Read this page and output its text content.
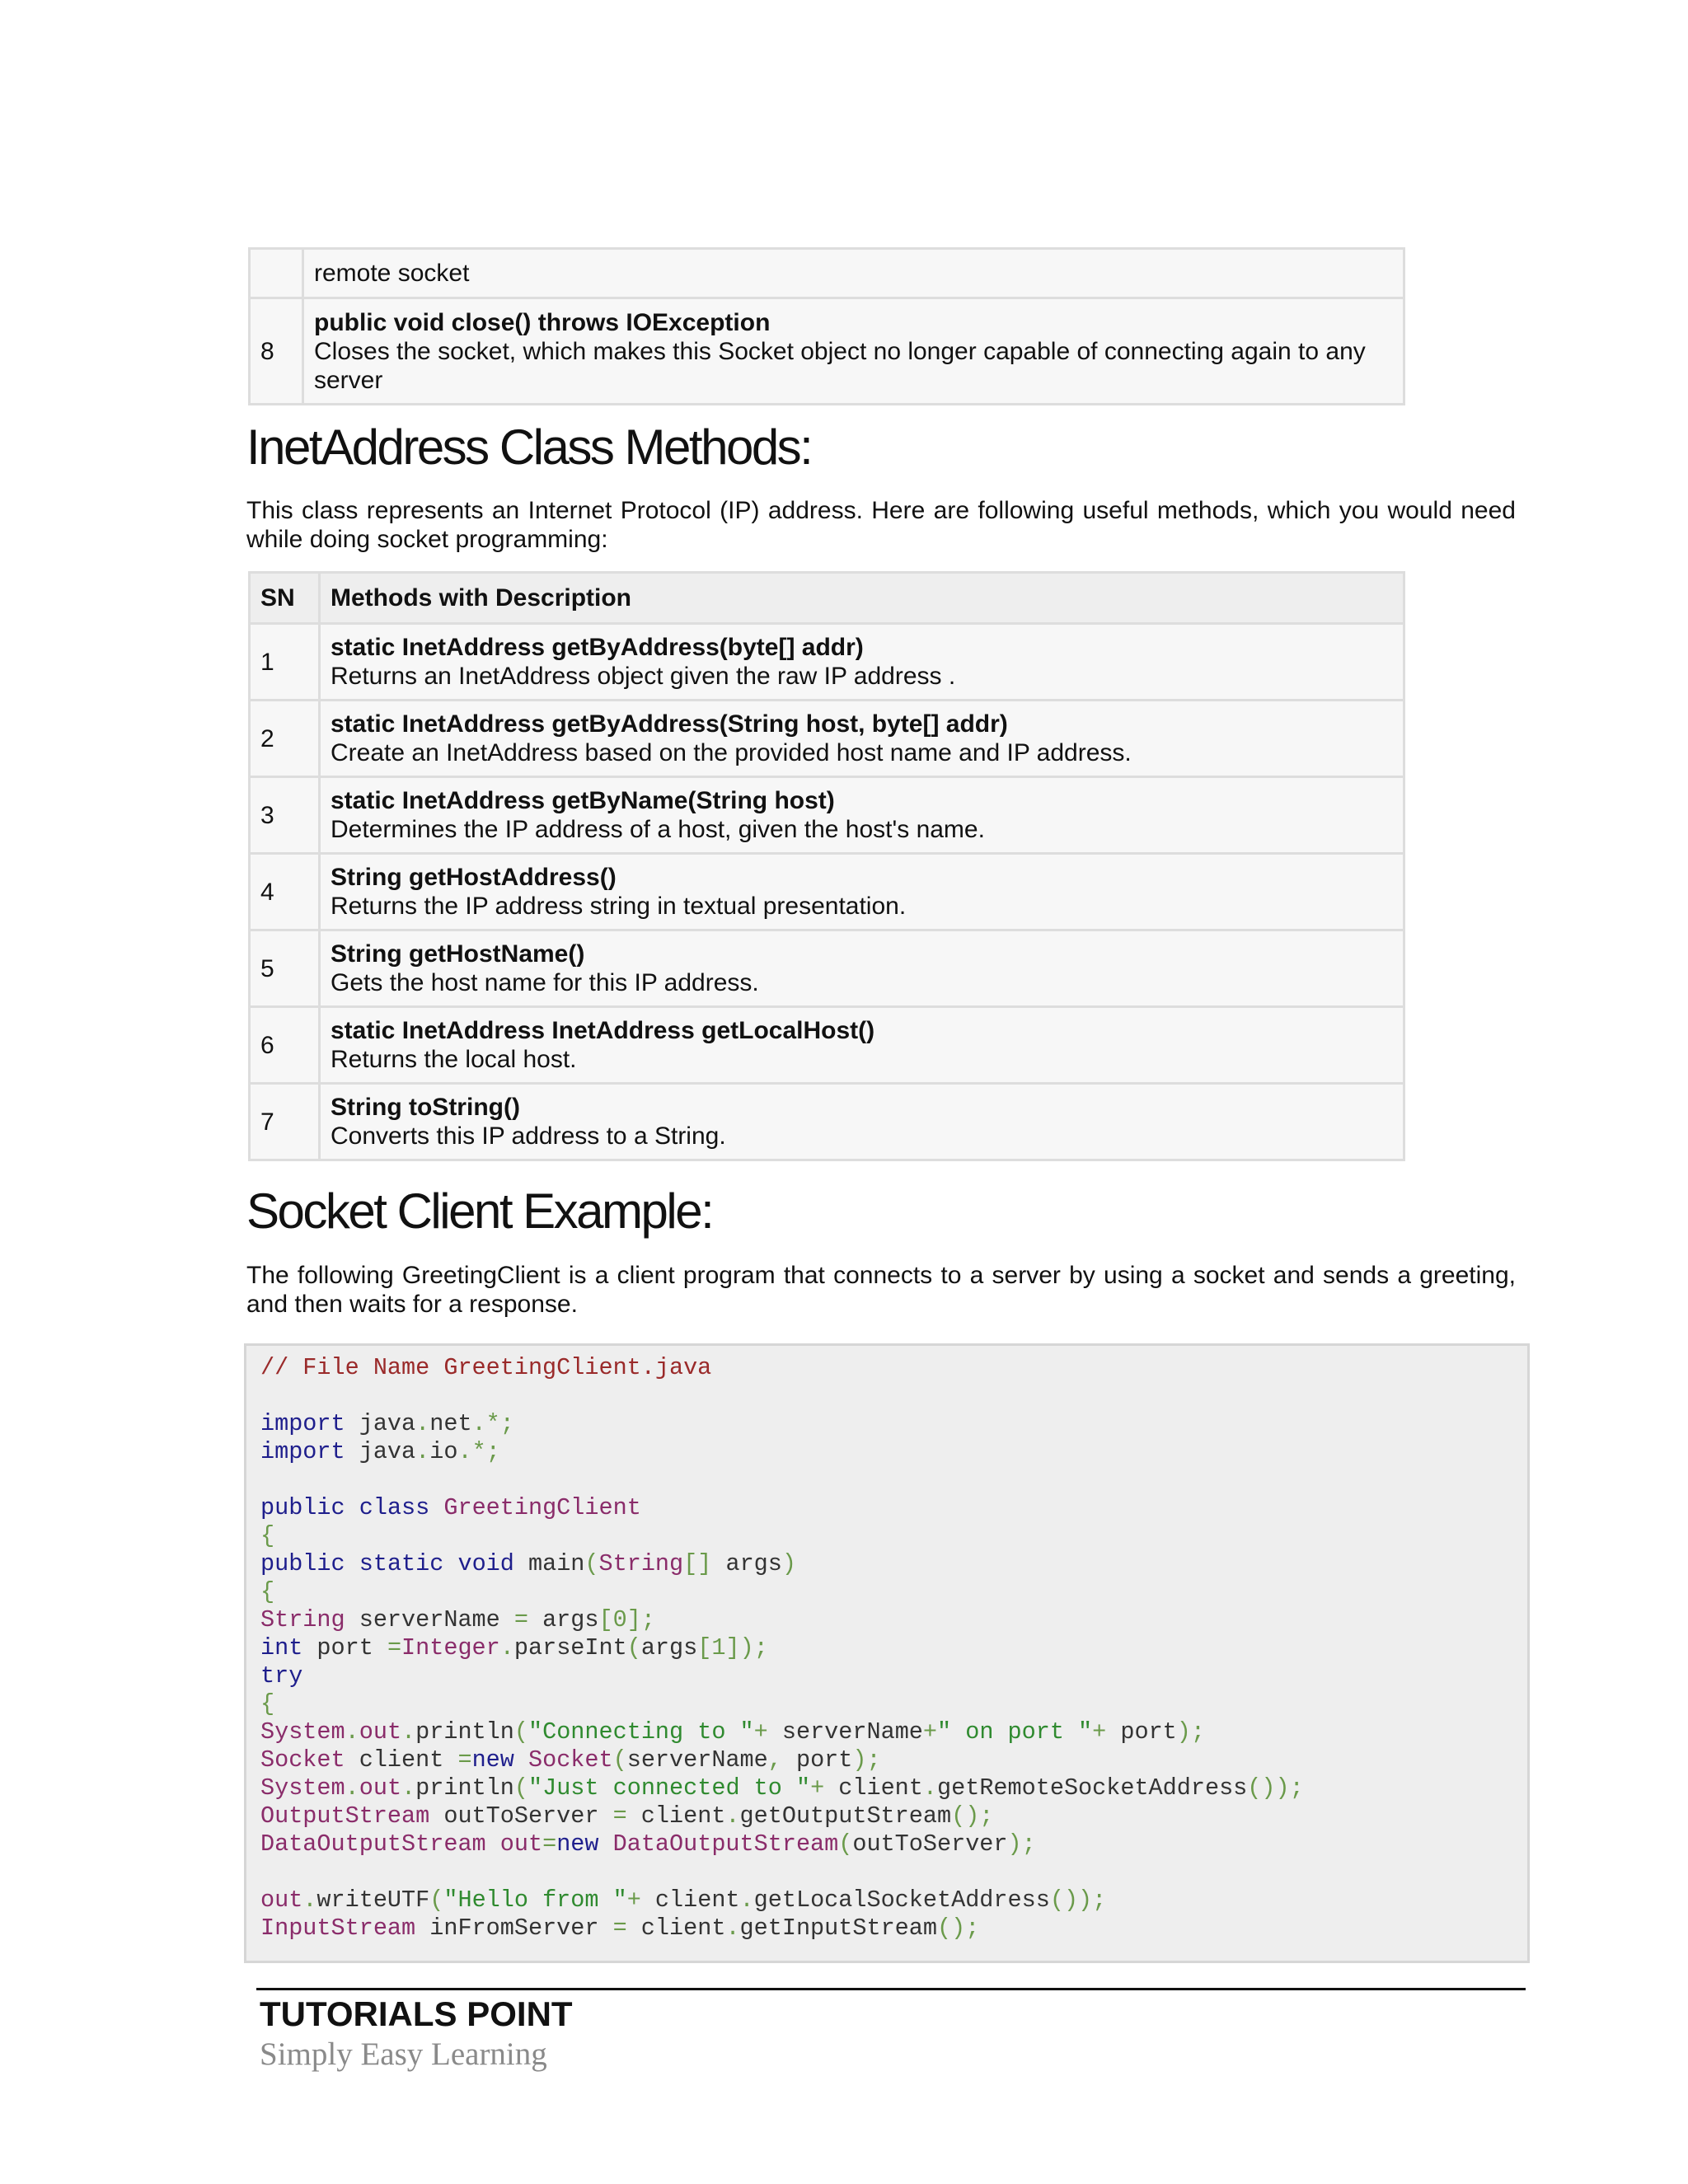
	remote socket

8	public void close() throws IOException
Closes the socket, which makes this Socket object no longer capable of connecting again to any server
InetAddress Class Methods:

This class represents an Internet Protocol (IP) address. Here are following useful methods, which you would need while doing socket programming:

SN	Methods with Description
1	static InetAddress getByAddress(byte[] addr)
Returns an InetAddress object given the raw IP address .

2	static InetAddress getByAddress(String host, byte[] addr)
Create an InetAddress based on the provided host name and IP address.

3	static InetAddress getByName(String host)
Determines the IP address of a host, given the host's name.

4	String getHostAddress()
Returns the IP address string in textual presentation.

5	String getHostName()
Gets the host name for this IP address.

6	static InetAddress InetAddress getLocalHost()
Returns the local host.

7	String toString()
Converts this IP address to a String.
Socket Client Example:

The following GreetingClient is a client program that connects to a server by using a socket and sends a greeting, and then waits for a response.

// File Name GreetingClient.java
import java.net.*;
import java.io.*;
public class GreetingClient
{
public static void main(String[] args)
{
String serverName = args[0];
int port =Integer.parseInt(args[1]);
try
{
System.out.println("Connecting to "+ serverName+" on port "+ port);
Socket client =new Socket(serverName, port);
System.out.println("Just connected to "+ client.getRemoteSocketAddress());
OutputStream outToServer = client.getOutputStream();
DataOutputStream out=new DataOutputStream(outToServer);
out.writeUTF("Hello from "+ client.getLocalSocketAddress());
InputStream inFromServer = client.getInputStream();
TUTORIALS POINT
Simply Easy Learning
